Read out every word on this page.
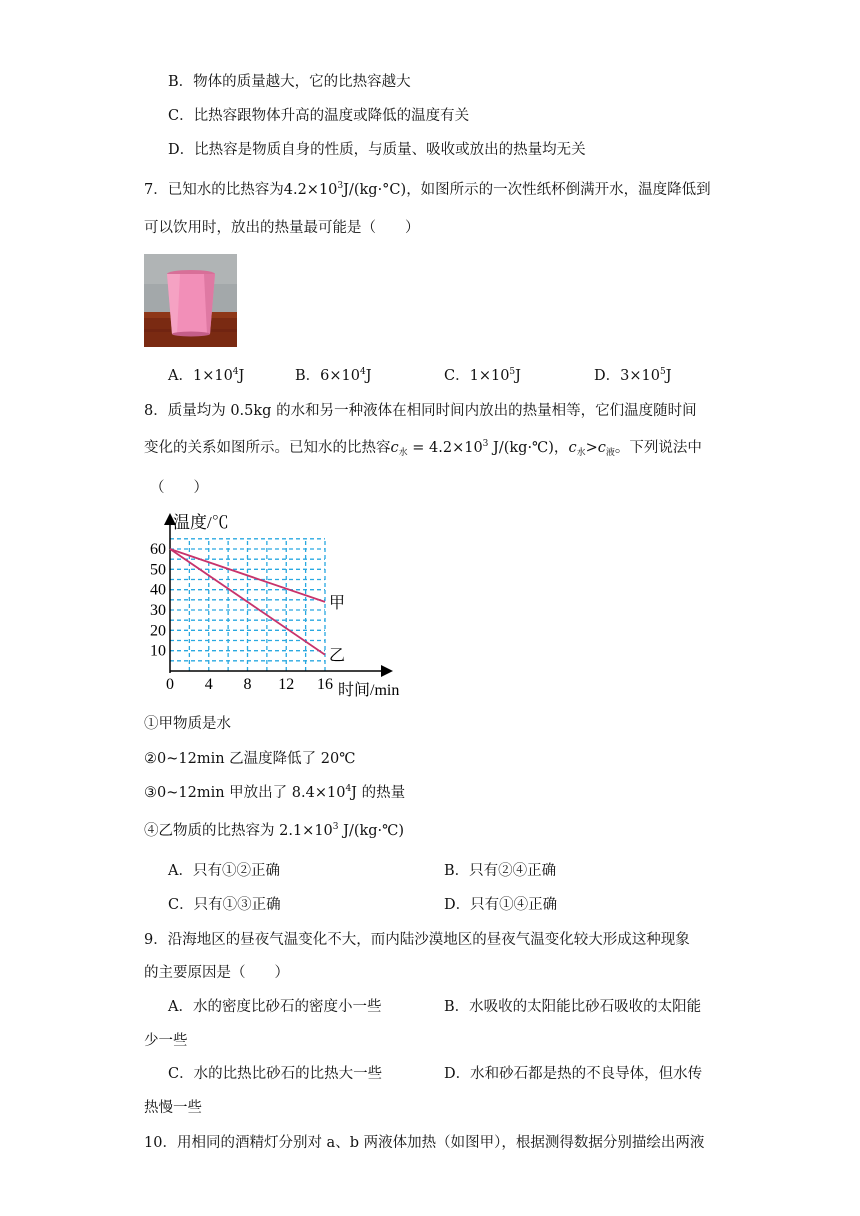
B．物体的质量越大，它的比热容越大
C．比热容跟物体升高的温度或降低的温度有关
D．比热容是物质自身的性质，与质量、吸收或放出的热量均无关
7．已知水的比热容为$4.2\times 10^3J/(kg\cdot^\circ C)$，如图所示的一次性纸杯倒满开水，温度降低到
可以饮用时，放出的热量最可能是（　　）
A．$1\times 10^4J$	B．$6\times 10^4J$	C．$1\times 10^5J$	D．$3\times 10^5J$
8．质量均为 0.5kg 的水和另一种液体在相同时间内放出的热量相等，它们温度随时间
变化的关系如图所示。已知水的比热容$c_水 = 4.2\times 10^3$ J/(kg·℃)，$c_水>c_液$。下列说法中
（　　）
温度/℃
时间/min
0 4 8 12 16
10
20
30
40
50
60
甲
乙
①甲物质是水
②0~12min 乙温度降低了 20℃
③0~12min 甲放出了 $8.4\times 10^4J$ 的热量
④乙物质的比热容为 $2.1\times 10^3$ J/(kg·℃)
A．只有①②正确	B．只有②④正确
C．只有①③正确	D．只有①④正确
9．沿海地区的昼夜气温变化不大，而内陆沙漠地区的昼夜气温变化较大形成这种现象
的主要原因是（　　）
A．水的密度比砂石的密度小一些	B．水吸收的太阳能比砂石吸收的太阳能
少一些
C．水的比热比砂石的比热大一些	D．水和砂石都是热的不良导体，但水传
热慢一些
10．用相同的酒精灯分别对 a、b 两液体加热（如图甲），根据测得数据分别描绘出两液
